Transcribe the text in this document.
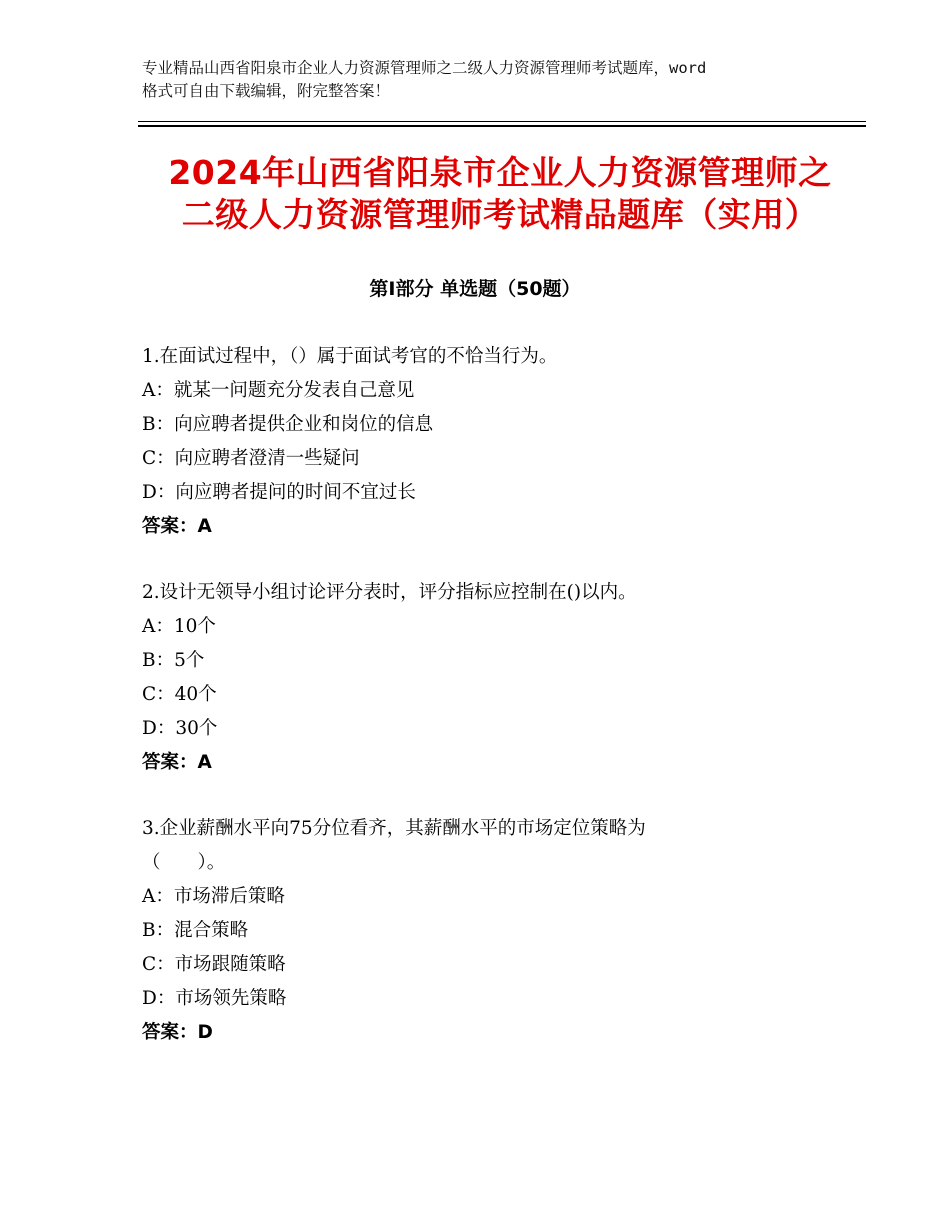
专业精品山西省阳泉市企业人力资源管理师之二级人力资源管理师考试题库，word
格式可自由下载编辑，附完整答案！
2024年山西省阳泉市企业人力资源管理师之
二级人力资源管理师考试精品题库（实用）
第Ⅰ部分 单选题（50题）
1.在面试过程中，（）属于面试考官的不恰当行为。
A：就某一问题充分发表自己意见
B：向应聘者提供企业和岗位的信息
C：向应聘者澄清一些疑问
D：向应聘者提问的时间不宜过长
答案：A
2.设计无领导小组讨论评分表时，评分指标应控制在()以内。
A：10个
B：5个
C：40个
D：30个
答案：A
3.企业薪酬水平向75分位看齐，其薪酬水平的市场定位策略为
（　　）。
A：市场滞后策略
B：混合策略
C：市场跟随策略
D：市场领先策略
答案：D
